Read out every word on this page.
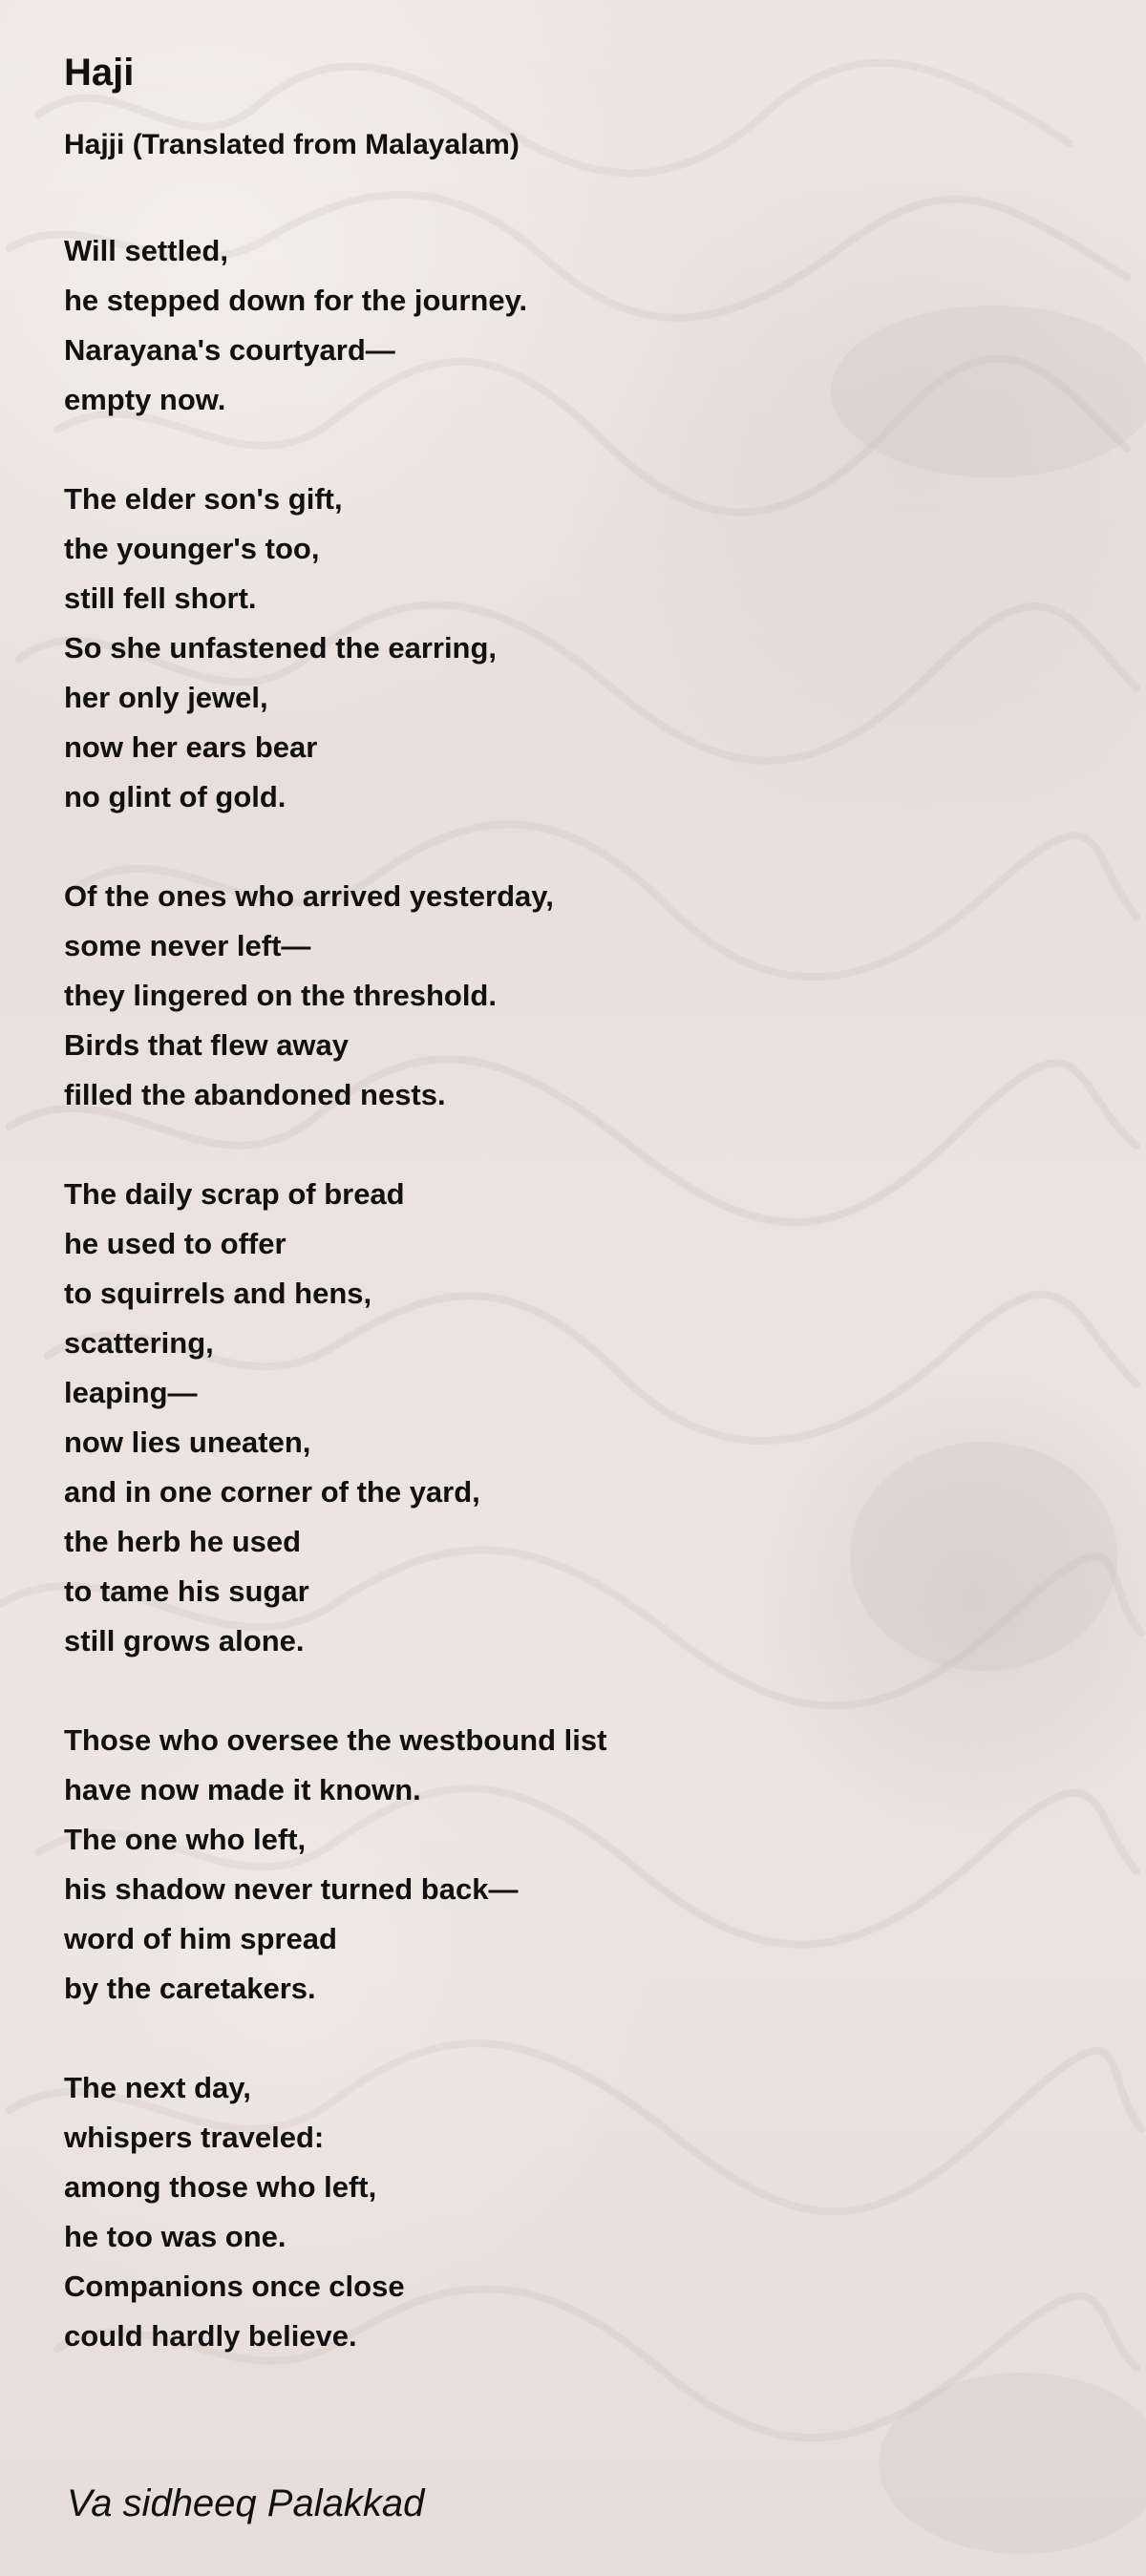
Haji
Hajji (Translated from Malayalam)
Will settled,
he stepped down for the journey.
Narayana's courtyard—
empty now.
The elder son's gift,
the younger's too,
still fell short.
So she unfastened the earring,
her only jewel,
now her ears bear
no glint of gold.
Of the ones who arrived yesterday,
some never left—
they lingered on the threshold.
Birds that flew away
filled the abandoned nests.
The daily scrap of bread
he used to offer
to squirrels and hens,
scattering,
leaping—
now lies uneaten,
and in one corner of the yard,
the herb he used
to tame his sugar
still grows alone.
Those who oversee the westbound list
have now made it known.
The one who left,
his shadow never turned back—
word of him spread
by the caretakers.
The next day,
whispers traveled:
among those who left,
he too was one.
Companions once close
could hardly believe.
Va sidheeq Palakkad
